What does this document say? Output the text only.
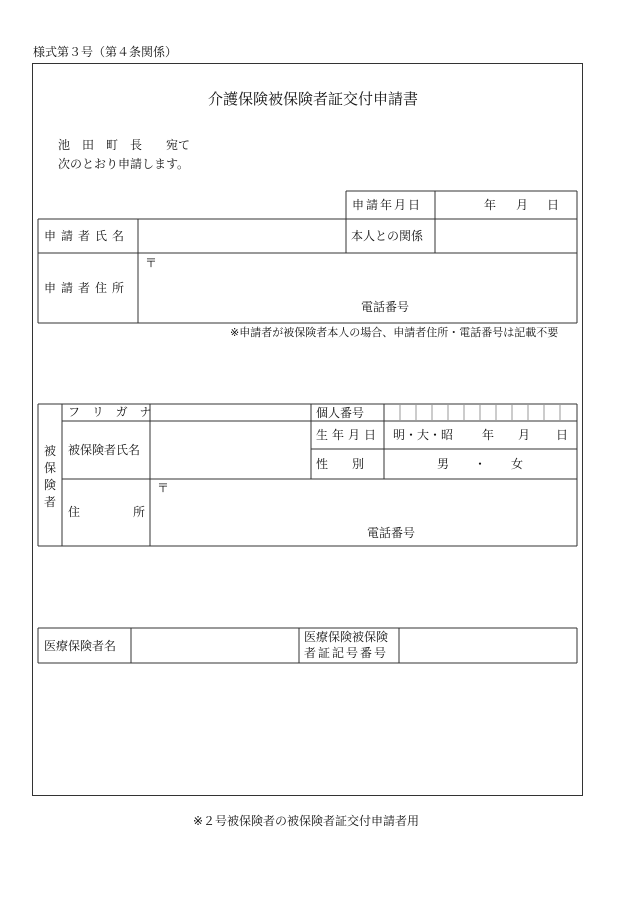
様式第３号（第４条関係）
介護保険被保険者証交付申請書
池　田　町　長　　宛て
次のとおり申請します。
申請年月日	年 月 日
申請者氏名	本人との関係
申請者住所
〒
電話番号
※申請者が被保険者本人の場合、申請者住所・電話番号は記載不要
被
保
険
者
フ リ ガ ナ	個人番号
被保険者氏名
生年月日 明・大・昭 年 月 日
性　　別	男 ・ 女
住	所
〒
電話番号
医療保険者名
医療保険被保険
者証記号番号
※２号被保険者の被保険者証交付申請者用
